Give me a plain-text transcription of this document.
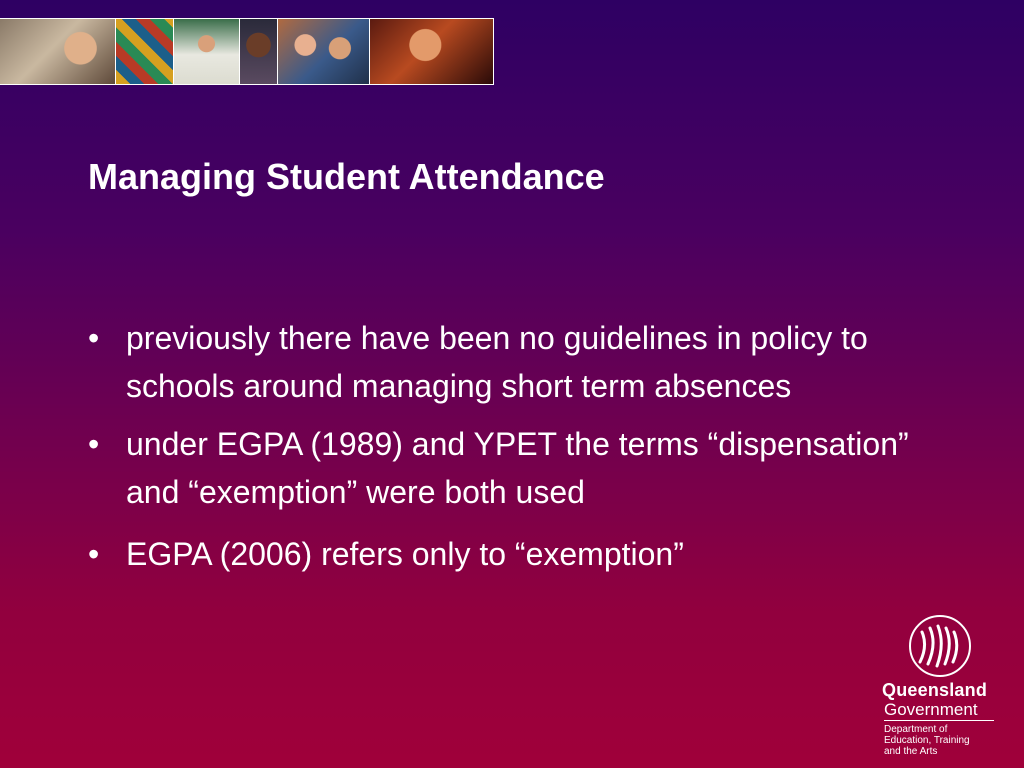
Managing Student Attendance
• previously there have been no guidelines in policy to schools around managing short term absences
• under EGPA (1989) and YPET the terms “dispensation” and “exemption” were both used
• EGPA (2006) refers only to “exemption”
Queensland
Government
Department of
Education, Training
and the Arts
